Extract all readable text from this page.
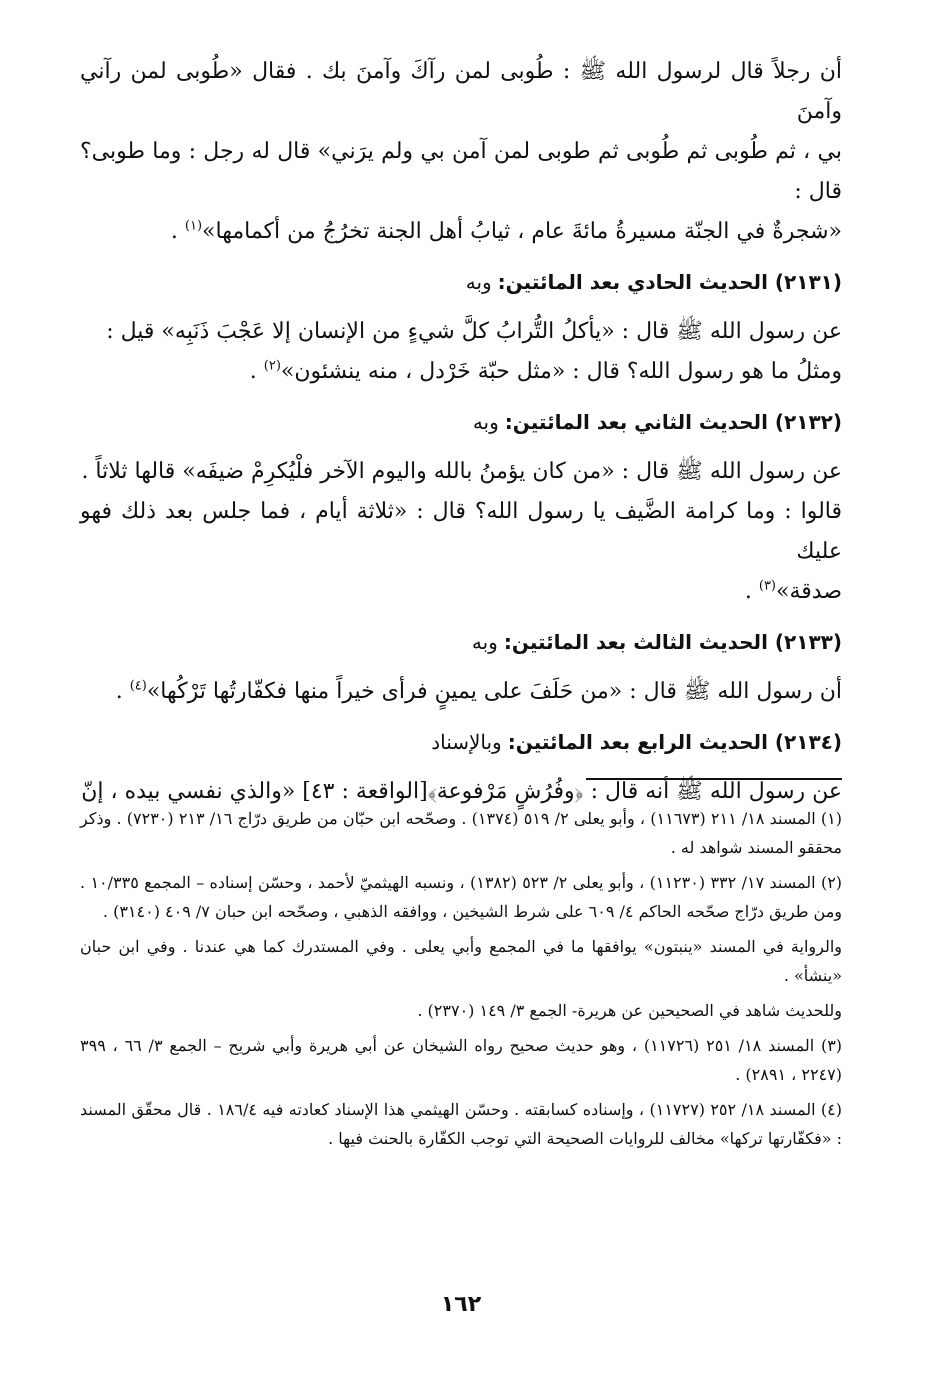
أن رجلاً قال لرسول الله ﷺ : طُوبى لمن رآكَ وآمنَ بك . فقال «طُوبى لمن رآني وآمنَ

بي ، ثم طُوبى ثم طُوبى ثم طوبى لمن آمن بي ولم يرَني» قال له رجل : وما طوبى؟ قال :

«شجرةٌ في الجنّة مسيرةُ مائةَ عام ، ثيابُ أهل الجنة تخرُجُ من أكمامها»$^{(١)}$ .

(٢١٣١) الحديث الحادي بعد المائتين:وبه

عن رسول الله ﷺ قال : «يأكلُ التُّرابُ كلَّ شيءٍ من الإنسان إلا عَجْبَ ذَنَبِه» قيل :

ومثلُ ما هو رسول الله؟ قال : «مثل حبّة خَرْدل ، منه ينشئون»$^{(٢)}$ .

(٢١٣٢) الحديث الثاني بعد المائتين:وبه

عن رسول الله ﷺ قال : «من كان يؤمنُ بالله واليوم الآخر فلْيُكرِمْ ضيفَه» قالها ثلاثاً .

قالوا : وما كرامة الضَّيف يا رسول الله؟ قال : «ثلاثة أيام ، فما جلس بعد ذلك فهو عليك

صدقة»$^{(٣)}$ .

(٢١٣٣) الحديث الثالث بعد المائتين:وبه

أن رسول الله ﷺ قال : «من حَلَفَ على يمينٍ فرأى خيراً منها فكفّارتُها تَرْكُها»$^{(٤)}$ .

(٢١٣٤) الحديث الرابع بعد المائتين:وبالإسناد

عن رسول الله ﷺ أنه قال : ﴿وفُرُشٍ مَرْفوعة﴾[الواقعة : ٤٣] «والذي نفسي بيده ، إنّ

(١) المسند ١٨/ ٢١١ (١١٦٧٣) ، وأبو يعلى ٢/ ٥١٩ (١٣٧٤) . وصحّحه ابن حبّان من طريق درّاج ١٦/ ٢١٣ (٧٢٣٠) . وذكر محققو المسند شواهد له .

(٢) المسند ١٧/ ٣٣٢ (١١٢٣٠) ، وأبو يعلى ٢/ ٥٢٣ (١٣٨٢) ، ونسبه الهيثميّ لأحمد ، وحسّن إسناده – المجمع ١٠/٣٣٥ . ومن طريق درّاج صحّحه الحاكم ٤/ ٦٠٩ على شرط الشيخين ، ووافقه الذهبي ، وصحّحه ابن حبان ٧/ ٤٠٩ (٣١٤٠) .

والرواية في المسند «ينبتون» يوافقها ما في المجمع وأبي يعلى . وفي المستدرك كما هي عندنا . وفي ابن حبان «ينشأ» .

وللحديث شاهد في الصحيحين عن هريرة- الجمع ٣/ ١٤٩ (٢٣٧٠) .

(٣) المسند ١٨/ ٢٥١ (١١٧٢٦) ، وهو حديث صحيح رواه الشيخان عن أبي هريرة وأبي شريح – الجمع ٣/ ٦٦ ، ٣٩٩ (٢٢٤٧ ، ٢٨٩١) .

(٤) المسند ١٨/ ٢٥٢ (١١٧٢٧) ، وإسناده كسابقته . وحسّن الهيثمي هذا الإسناد كعادته فيه ١٨٦/٤ . قال محقّق المسند : «فكفّارتها تركها» مخالف للروايات الصحيحة التي توجب الكفّارة بالحنث فيها .

١٦٢
